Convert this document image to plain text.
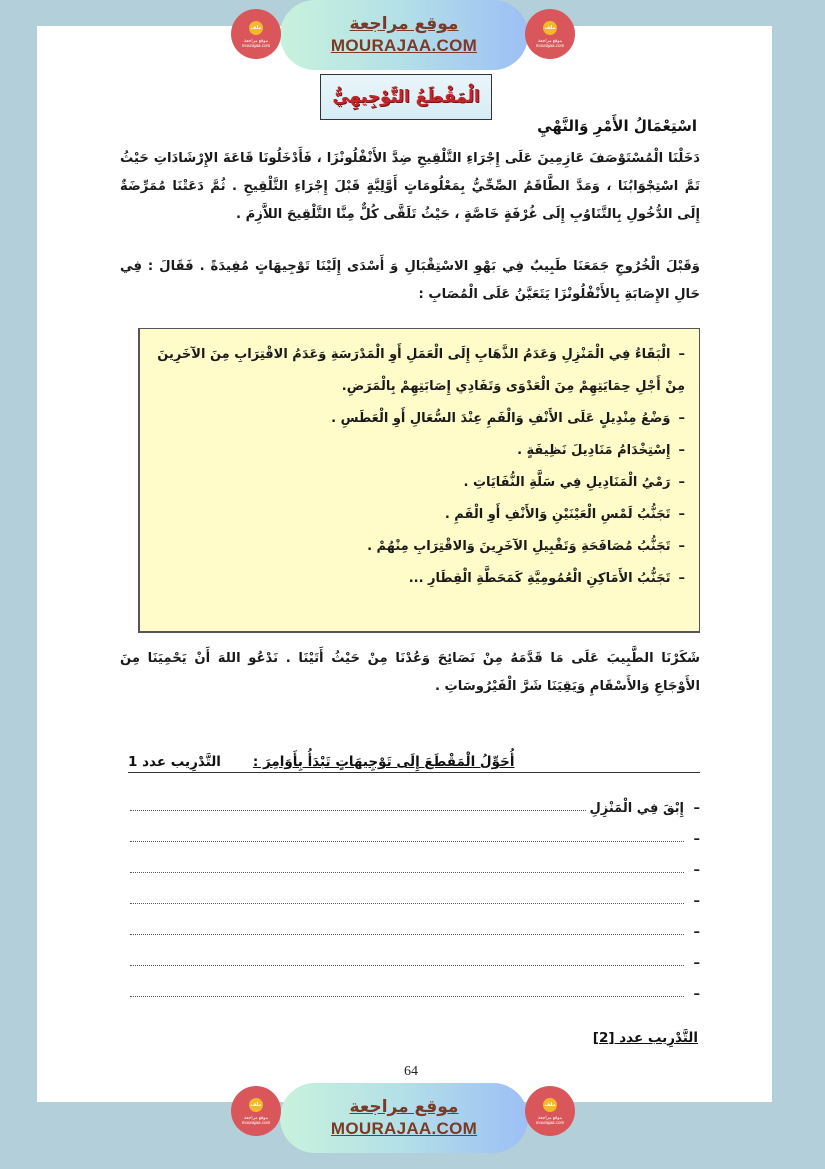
ملف
موقع مراجعة
mourajaa.com
موقع مراجعة
MOURAJAA.COM
ملف
موقع مراجعة
mourajaa.com
الْمَقْطَعُ التَّوْجِيهِيُّ
اسْتِعْمَالُ الأَمْرِ وَالنَّهْيِ
دَخَلْنَا الْمُسْتَوْصَفَ عَازِمِينَ عَلَى إِجْرَاءِ التَّلْقِيحِ ضِدَّ الأَنْفْلُونْزَا ، فَأَدْخَلُونَا قَاعَةَ الإِرْشَادَاتِ حَيْثُ تَمَّ اسْتِجْوَابُنَا ، وَمَدَّ الطَّاقَمُ الصِّحِّيُّ بِمَعْلُومَاتٍ أَوَّلِيَّةٍ قَبْلَ إِجْرَاءِ التَّلْقِيحِ . ثُمَّ دَعَتْنَا مُمَرِّضَةٌ إِلَى الدُّخُولِ بِالتَّنَاوُبِ إِلَى غُرْفَةٍ خَاصَّةٍ ، حَيْثُ تَلَقَّى كُلٌّ مِنَّا التَّلْقِيحَ اللاَّزِمَ .
وَقَبْلَ الْخُرُوجِ جَمَعَنَا طَبِيبٌ فِي بَهْوِ الاسْتِقْبَالِ وَ أَسْدَى إِلَيْنَا تَوْجِيهَاتٍ مُفِيدَةً . فَقَالَ : فِي حَالِ الإِصَابَةِ بِالأَنْفْلُونْزَا يَتَعَيَّنُ عَلَى الْمُصَابِ :
–الْبَقَاءُ فِي الْمَنْزِلِ وَعَدَمُ الذَّهَابِ إِلَى الْعَمَلِ أَوِ الْمَدْرَسَةِ وَعَدَمُ الاقْتِرَابِ مِنَ الآخَرِينَ مِنْ أَجْلِ حِمَايَتِهِمْ مِنَ الْعَدْوَى وَتَفَادِي إِصَابَتِهِمْ بِالْمَرَضِ.
–وَضْعُ مِنْدِيلٍ عَلَى الأَنْفِ وَالْفَمِ عِنْدَ السُّعَالِ أَوِ الْعَطَسِ .
–إِسْتِخْدَامُ مَنَادِيلَ نَظِيفَةٍ .
–رَمْيُ الْمَنَادِيلِ فِي سَلَّةِ النُّفَايَاتِ .
–تَجَنُّبُ لَمْسِ الْعَيْنَيْنِ وَالأَنْفِ أَوِ الْفَمِ .
–تَجَنُّبُ مُصَافَحَةِ وَتَقْبِيلِ الآخَرِينَ وَالاقْتِرَابِ مِنْهُمْ .
–تَجَنُّبُ الأَمَاكِنِ الْعُمُومِيَّةِ كَمَحَطَّةِ الْقِطَارِ ...
شَكَرْنَا الطَّبِيبَ عَلَى مَا قَدَّمَهُ مِنْ نَصَائِحَ وَعُدْنَا مِنْ حَيْثُ أَتَيْنَا . نَدْعُو اللهَ أَنْ يَحْمِيَنَا مِنَ الأَوْجَاعِ وَالأَسْقَامِ وَيَقِيَنَا شَرَّ الْفَيْرُوسَاتِ .
التَّدْرِيب عدد 1 أُحَوِّلُ الْمَقْطَعَ إِلَى تَوْجِيهَاتٍ تَبْدَأُ بِأَوَامِرَ :
–
إِبْقَ فِي الْمَنْزِلِ
–
–
–
–
–
–
التَّدْرِيب عدد [2]
64
ملف
موقع مراجعة
mourajaa.com
موقع مراجعة
MOURAJAA.COM
ملف
موقع مراجعة
mourajaa.com
